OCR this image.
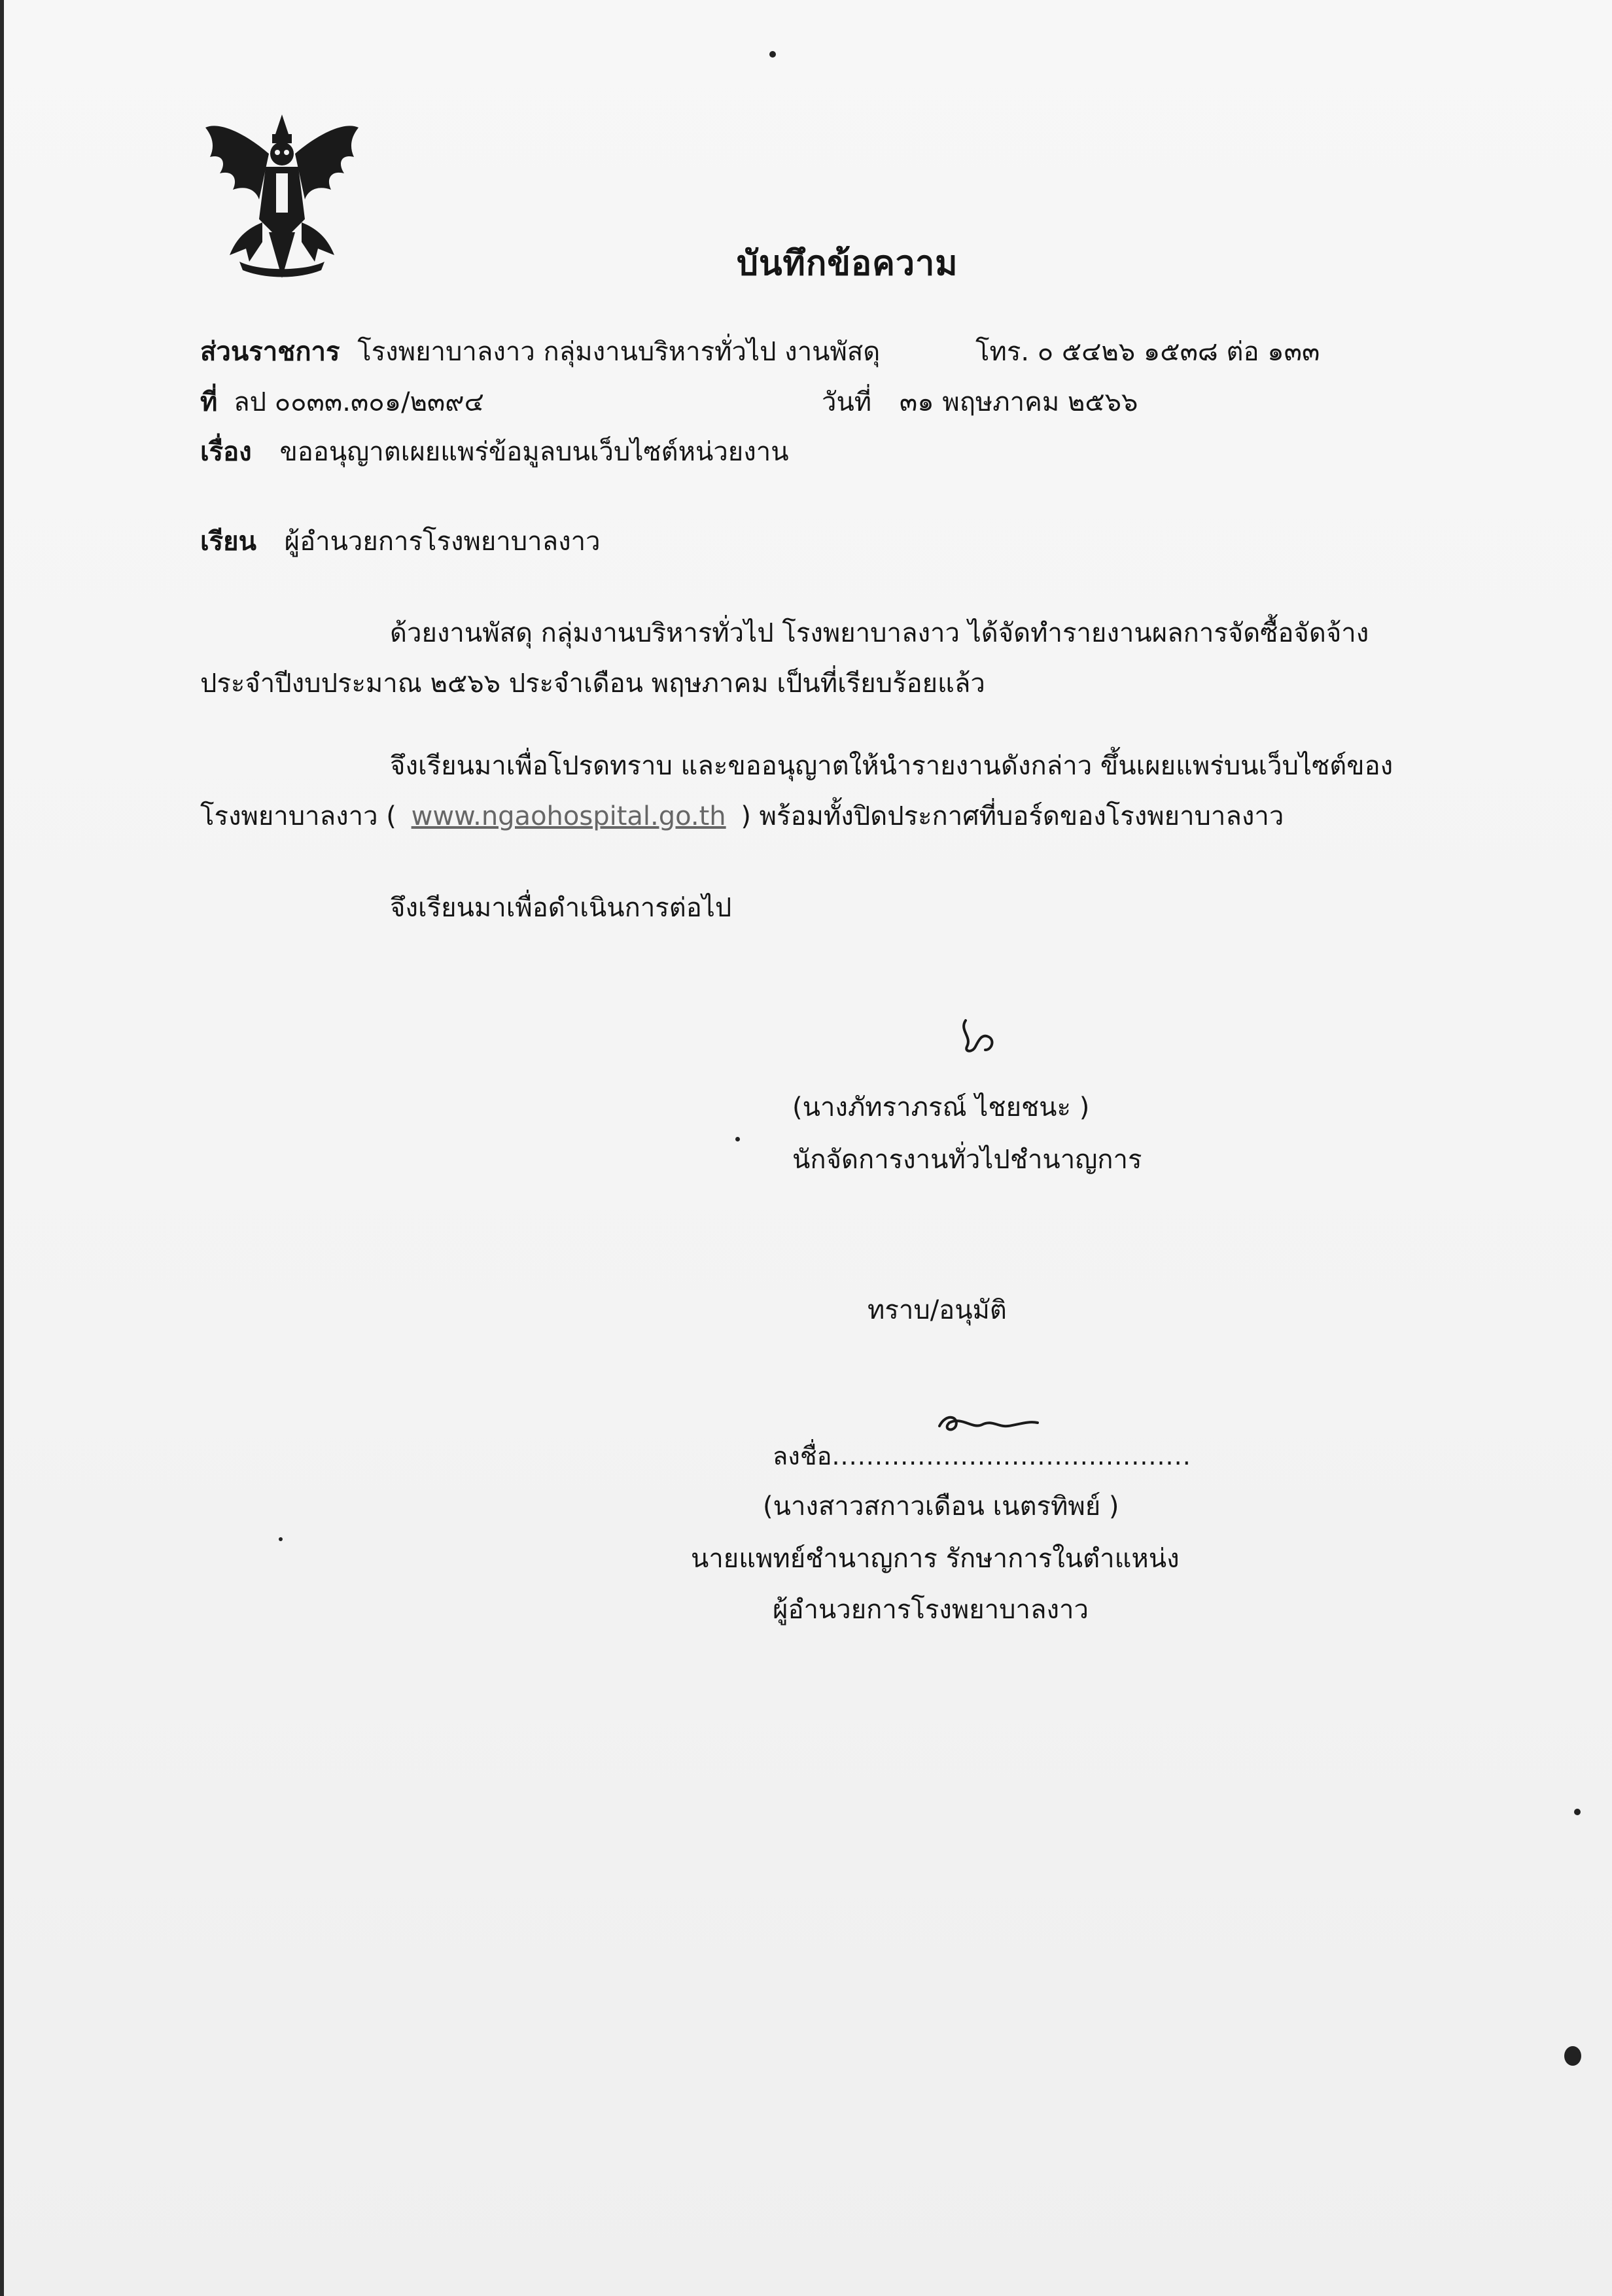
บันทึกข้อความ
ส่วนราชการ โรงพยาบาลงาว กลุ่มงานบริหารทั่วไป งานพัสดุ	โทร. ๐ ๕๔๒๖ ๑๕๓๘ ต่อ ๑๓๓
ที่ ลป ๐๐๓๓.๓๐๑/๒๓๙๔	วันที่ ๓๑ พฤษภาคม ๒๕๖๖
เรื่อง ขออนุญาตเผยแพร่ข้อมูลบนเว็บไซต์หน่วยงาน
เรียน ผู้อำนวยการโรงพยาบาลงาว
ด้วยงานพัสดุ กลุ่มงานบริหารทั่วไป โรงพยาบาลงาว ได้จัดทำรายงานผลการจัดซื้อจัดจ้าง
ประจำปีงบประมาณ ๒๕๖๖ ประจำเดือน พฤษภาคม เป็นที่เรียบร้อยแล้ว
จึงเรียนมาเพื่อโปรดทราบ และขออนุญาตให้นำรายงานดังกล่าว ขึ้นเผยแพร่บนเว็บไซต์ของ
โรงพยาบาลงาว ( www.ngaohospital.go.th ) พร้อมทั้งปิดประกาศที่บอร์ดของโรงพยาบาลงาว
จึงเรียนมาเพื่อดำเนินการต่อไป
(นางภัทราภรณ์ ไชยชนะ )
นักจัดการงานทั่วไปชำนาญการ
ทราบ/อนุมัติ
ลงชื่อ..........................................
(นางสาวสกาวเดือน เนตรทิพย์ )
นายแพทย์ชำนาญการ รักษาการในตำแหน่ง
ผู้อำนวยการโรงพยาบาลงาว
